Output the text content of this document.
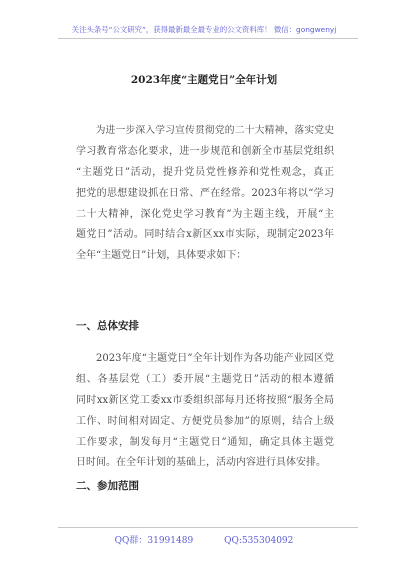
关注头条号“公文研究”，获得最新最全最专业的公文资料库！ 微信：gongwenyj
2023年度“主题党日”全年计划
为进一步深入学习宣传贯彻党的二十大精神，落实党史
学习教育常态化要求，进一步规范和创新全市基层党组织
“主题党日”活动，提升党员党性修养和党性观念，真正
把党的思想建设抓在日常、严在经常。2023年将以“学习
二十大精神，深化党史学习教育”为主题主线，开展“主
题党日”活动。同时结合x新区xx市实际，现制定2023年
全年“主题党日”计划，具体要求如下：
一、总体安排
2023年度“主题党日”全年计划作为各功能产业园区党
组、各基层党（工）委开展“主题党日”活动的根本遵循
同时xx新区党工委xx市委组织部每月还将按照“服务全局
工作、时间相对固定、方便党员参加”的原则，结合上级
工作要求，制发每月“主题党日”通知，确定具体主题党
日时间。在全年计划的基础上，活动内容进行具体安排。
二、参加范围
QQ群：31991489	QQ:535304092
